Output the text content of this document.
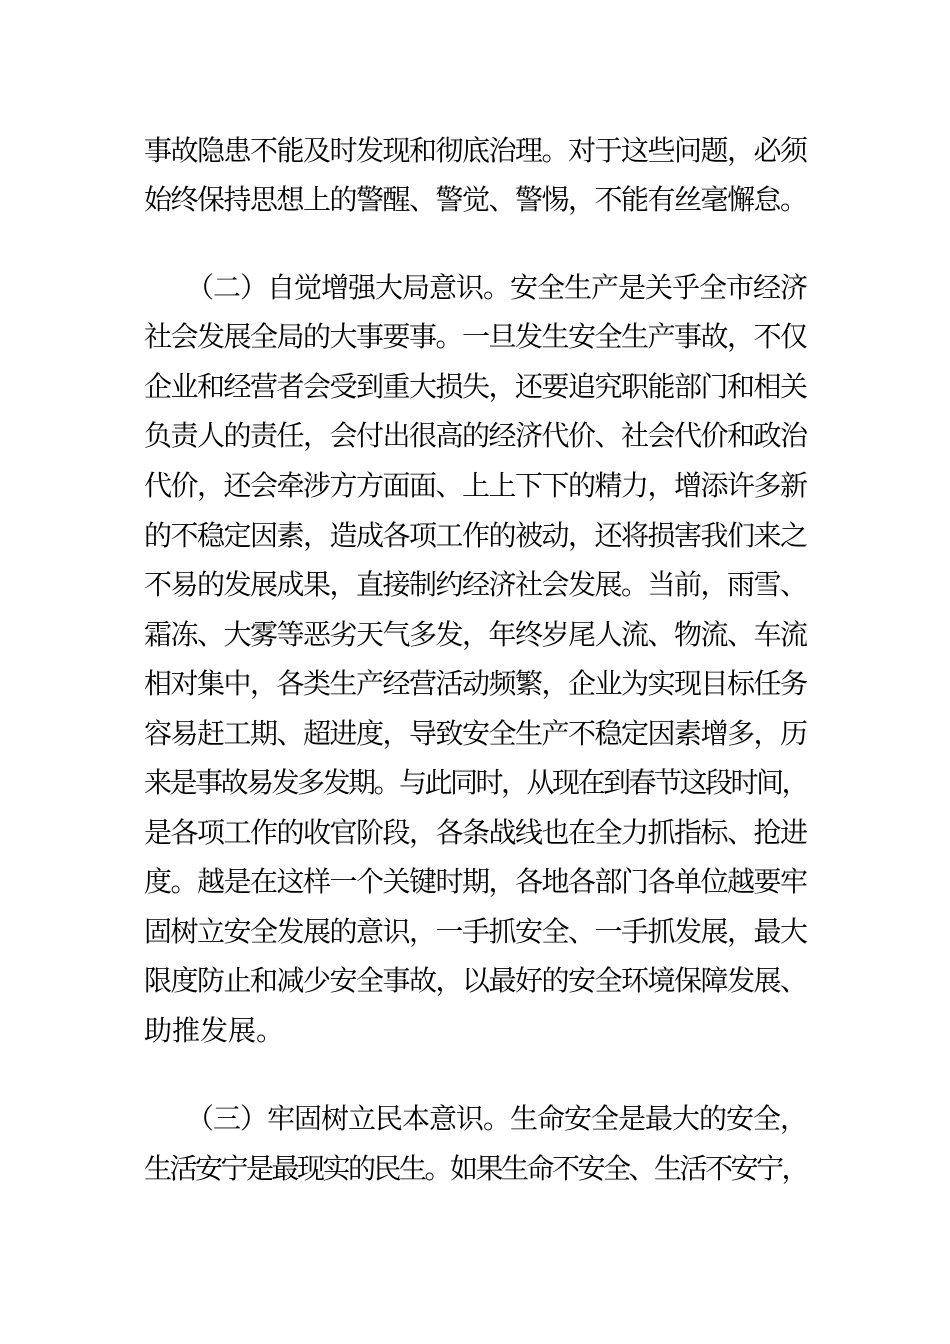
事故隐患不能及时发现和彻底治理。对于这些问题，必须
始终保持思想上的警醒、警觉、警惕，不能有丝毫懈怠。
（二）自觉增强大局意识。安全生产是关乎全市经济
社会发展全局的大事要事。一旦发生安全生产事故，不仅
企业和经营者会受到重大损失，还要追究职能部门和相关
负责人的责任，会付出很高的经济代价、社会代价和政治
代价，还会牵涉方方面面、上上下下的精力，增添许多新
的不稳定因素，造成各项工作的被动，还将损害我们来之
不易的发展成果，直接制约经济社会发展。当前，雨雪、
霜冻、大雾等恶劣天气多发，年终岁尾人流、物流、车流
相对集中，各类生产经营活动频繁，企业为实现目标任务
容易赶工期、超进度，导致安全生产不稳定因素增多，历
来是事故易发多发期。与此同时，从现在到春节这段时间，
是各项工作的收官阶段，各条战线也在全力抓指标、抢进
度。越是在这样一个关键时期，各地各部门各单位越要牢
固树立安全发展的意识，一手抓安全、一手抓发展，最大
限度防止和减少安全事故，以最好的安全环境保障发展、
助推发展。
（三）牢固树立民本意识。生命安全是最大的安全，
生活安宁是最现实的民生。如果生命不安全、生活不安宁，
